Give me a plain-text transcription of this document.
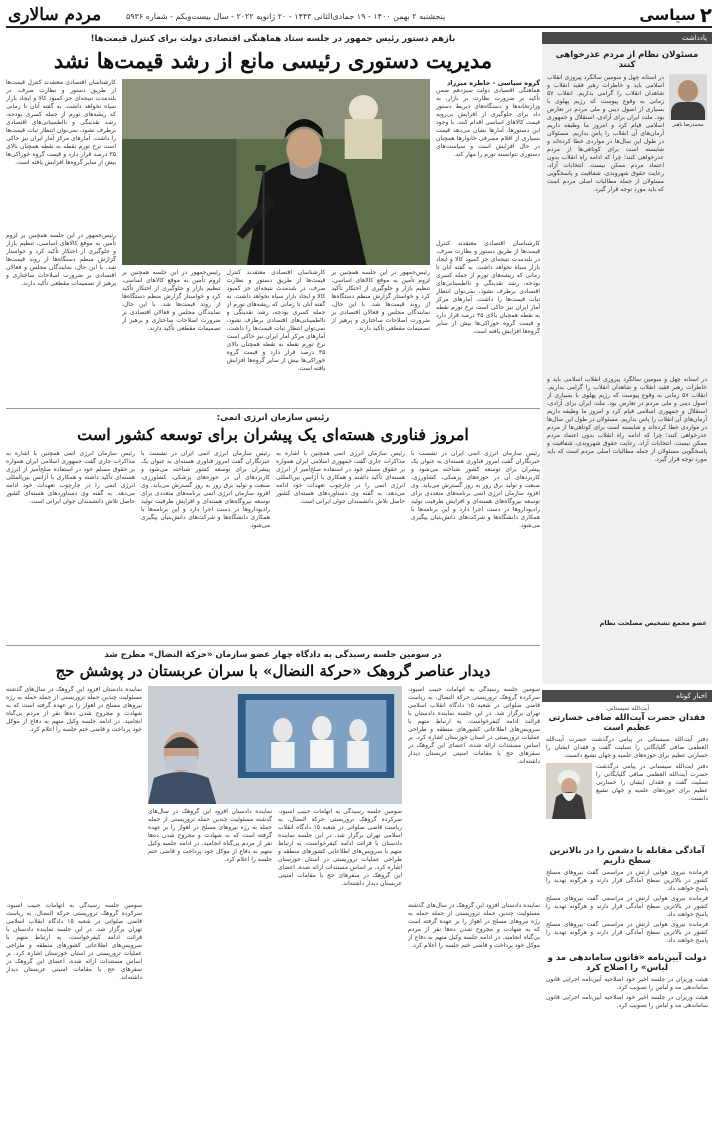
۲
سیاسی
پنجشنبه ۲ بهمن ۱۴۰۰ - ۱۹ جمادی‌الثانی ۱۴۴۳ - ۲۰ ژانویه ۲۰۲۲ - سال بیست‌ویکم - شماره ۵۹۳۶
مردم سالاری
یادداشت
مسئولان نظام از مردم عذرخواهی کنند
محمدرضا باهنر
در آستانه چهل و سومین سالگرد پیروزی انقلاب اسلامی باید و خاطرات رهبر فقید انقلاب و شاهدان انقلاب را گرامی بداریم. انقلاب ۵۷ زمانی به وقوع پیوست که رژیم پهلوی با بسیاری از اصول دینی و ملی مردم در تعارض بود. ملت ایران برای آزادی، استقلال و جمهوری اسلامی قیام کرد و امروز ما وظیفه داریم آرمان‌های آن انقلاب را پاس بداریم. مسئولان در طول این سال‌ها در مواردی خطا کرده‌اند و شایسته است برای کوتاهی‌ها از مردم عذرخواهی کنند؛ چرا که ادامه راه انقلاب بدون اعتماد مردم ممکن نیست. انتخابات آزاد، رعایت حقوق شهروندی، شفافیت و پاسخگویی مسئولان از جمله مطالبات اصلی مردم است که باید مورد توجه قرار گیرد.
در آستانه چهل و سومین سالگرد پیروزی انقلاب اسلامی باید و خاطرات رهبر فقید انقلاب و شاهدان انقلاب را گرامی بداریم. انقلاب ۵۷ زمانی به وقوع پیوست که رژیم پهلوی با بسیاری از اصول دینی و ملی مردم در تعارض بود. ملت ایران برای آزادی، استقلال و جمهوری اسلامی قیام کرد و امروز ما وظیفه داریم آرمان‌های آن انقلاب را پاس بداریم. مسئولان در طول این سال‌ها در مواردی خطا کرده‌اند و شایسته است برای کوتاهی‌ها از مردم عذرخواهی کنند؛ چرا که ادامه راه انقلاب بدون اعتماد مردم ممکن نیست. انتخابات آزاد، رعایت حقوق شهروندی، شفافیت و پاسخگویی مسئولان از جمله مطالبات اصلی مردم است که باید مورد توجه قرار گیرد.
عضو مجمع تشخیص مصلحت نظام
اخبار کوتاه
آیت‌الله سیستانی:
فقدان حضرت آیت‌الله صافی خسارتی عظیم است
دفتر آیت‌الله سیستانی در پیامی درگذشت حضرت آیت‌الله العظمی صافی گلپایگانی را تسلیت گفت و فقدان ایشان را خسارتی عظیم برای حوزه‌های علمیه و جهان تشیع دانست.
دفتر آیت‌الله سیستانی در پیامی درگذشت حضرت آیت‌الله العظمی صافی گلپایگانی را تسلیت گفت و فقدان ایشان را خسارتی عظیم برای حوزه‌های علمیه و جهان تشیع دانست.
آمادگی مقابله با دشمن را در بالاترین سطح داریم
فرمانده نیروی هوایی ارتش در مراسمی گفت نیروهای مسلح کشور در بالاترین سطح آمادگی قرار دارند و هرگونه تهدید را پاسخ خواهند داد.
فرمانده نیروی هوایی ارتش در مراسمی گفت نیروهای مسلح کشور در بالاترین سطح آمادگی قرار دارند و هرگونه تهدید را پاسخ خواهند داد.
فرمانده نیروی هوایی ارتش در مراسمی گفت نیروهای مسلح کشور در بالاترین سطح آمادگی قرار دارند و هرگونه تهدید را پاسخ خواهند داد.
دولت آیین‌نامه «قانون ساماندهی مد و لباس» را اصلاح کرد
هیئت وزیران در جلسه اخیر خود اصلاحیه آیین‌نامه اجرایی قانون ساماندهی مد و لباس را تصویب کرد.
هیئت وزیران در جلسه اخیر خود اصلاحیه آیین‌نامه اجرایی قانون ساماندهی مد و لباس را تصویب کرد.
بازهم دستور رئیس جمهور در جلسه ستاد هماهنگی اقتصادی دولت برای کنترل قیمت‌ها!
مدیریت دستوری رئیسی مانع از رشد قیمت‌ها نشد
گروه سیاسی - خاطره میرزاد
هماهنگی اقتصادی دولت سیزدهم ضمن تأکید بر ضرورت نظارت بر بازار، به وزارتخانه‌ها و دستگاه‌های ذیربط دستور داد برای جلوگیری از افزایش بی‌رویه قیمت کالاهای اساسی اقدام کنند. با وجود این دستورها، آمارها نشان می‌دهد قیمت بسیاری از اقلام مصرفی خانوارها همچنان در حال افزایش است و سیاست‌های دستوری نتوانسته تورم را مهار کند.
کارشناسان اقتصادی معتقدند کنترل قیمت‌ها از طریق دستور و نظارت صرف، در بلندمدت نتیجه‌ای جز کمبود کالا و ایجاد بازار سیاه نخواهد داشت. به گفته آنان تا زمانی که ریشه‌های تورم از جمله کسری بودجه، رشد نقدینگی و نااطمینانی‌های اقتصادی برطرف نشود، نمی‌توان انتظار ثبات قیمت‌ها را داشت. آمارهای مرکز آمار ایران نیز حاکی است نرخ تورم نقطه به نقطه همچنان بالای ۳۵ درصد قرار دارد و قیمت گروه خوراکی‌ها بیش از سایر گروه‌ها افزایش یافته است.
رئیس‌جمهور در این جلسه همچنین بر لزوم تأمین به موقع کالاهای اساسی، تنظیم بازار و جلوگیری از احتکار تأکید کرد و خواستار گزارش منظم دستگاه‌ها از روند قیمت‌ها شد. با این حال، نمایندگان مجلس و فعالان اقتصادی بر ضرورت اصلاحات ساختاری و پرهیز از تصمیمات مقطعی تأکید دارند.
کارشناسان اقتصادی معتقدند کنترل قیمت‌ها از طریق دستور و نظارت صرف، در بلندمدت نتیجه‌ای جز کمبود کالا و ایجاد بازار سیاه نخواهد داشت. به گفته آنان تا زمانی که ریشه‌های تورم از جمله کسری بودجه، رشد نقدینگی و نااطمینانی‌های اقتصادی برطرف نشود، نمی‌توان انتظار ثبات قیمت‌ها را داشت. آمارهای مرکز آمار ایران نیز حاکی است نرخ تورم نقطه به نقطه همچنان بالای ۳۵ درصد قرار دارد و قیمت گروه خوراکی‌ها بیش از سایر گروه‌ها افزایش یافته است.
رئیس‌جمهور در این جلسه همچنین بر لزوم تأمین به موقع کالاهای اساسی، تنظیم بازار و جلوگیری از احتکار تأکید کرد و خواستار گزارش منظم دستگاه‌ها از روند قیمت‌ها شد. با این حال، نمایندگان مجلس و فعالان اقتصادی بر ضرورت اصلاحات ساختاری و پرهیز از تصمیمات مقطعی تأکید دارند.
کارشناسان اقتصادی معتقدند کنترل قیمت‌ها از طریق دستور و نظارت صرف، در بلندمدت نتیجه‌ای جز کمبود کالا و ایجاد بازار سیاه نخواهد داشت. به گفته آنان تا زمانی که ریشه‌های تورم از جمله کسری بودجه، رشد نقدینگی و نااطمینانی‌های اقتصادی برطرف نشود، نمی‌توان انتظار ثبات قیمت‌ها را داشت. آمارهای مرکز آمار ایران نیز حاکی است نرخ تورم نقطه به نقطه همچنان بالای ۳۵ درصد قرار دارد و قیمت گروه خوراکی‌ها بیش از سایر گروه‌ها افزایش یافته است.
رئیس‌جمهور در این جلسه همچنین بر لزوم تأمین به موقع کالاهای اساسی، تنظیم بازار و جلوگیری از احتکار تأکید کرد و خواستار گزارش منظم دستگاه‌ها از روند قیمت‌ها شد. با این حال، نمایندگان مجلس و فعالان اقتصادی بر ضرورت اصلاحات ساختاری و پرهیز از تصمیمات مقطعی تأکید دارند.
رئیس سازمان انرژی اتمی:
امروز فناوری هسته‌ای یک پیشران برای توسعه کشور است
رئیس سازمان انرژی اتمی ایران در نشست با خبرنگاران گفت امروز فناوری هسته‌ای به عنوان یک پیشران برای توسعه کشور شناخته می‌شود و کاربردهای آن در حوزه‌های پزشکی، کشاورزی، صنعت و تولید برق روز به روز گسترش می‌یابد. وی افزود سازمان انرژی اتمی برنامه‌های متعددی برای توسعه نیروگاه‌های هسته‌ای و افزایش ظرفیت تولید رادیوداروها در دست اجرا دارد و این برنامه‌ها با همکاری دانشگاه‌ها و شرکت‌های دانش‌بنیان پیگیری می‌شود.
رئیس سازمان انرژی اتمی همچنین با اشاره به مذاکرات جاری گفت جمهوری اسلامی ایران همواره بر حقوق مسلم خود در استفاده صلح‌آمیز از انرژی هسته‌ای تأکید داشته و همکاری با آژانس بین‌المللی انرژی اتمی را در چارچوب تعهدات خود ادامه می‌دهد. به گفته وی دستاوردهای هسته‌ای کشور حاصل تلاش دانشمندان جوان ایرانی است.
رئیس سازمان انرژی اتمی ایران در نشست با خبرنگاران گفت امروز فناوری هسته‌ای به عنوان یک پیشران برای توسعه کشور شناخته می‌شود و کاربردهای آن در حوزه‌های پزشکی، کشاورزی، صنعت و تولید برق روز به روز گسترش می‌یابد. وی افزود سازمان انرژی اتمی برنامه‌های متعددی برای توسعه نیروگاه‌های هسته‌ای و افزایش ظرفیت تولید رادیوداروها در دست اجرا دارد و این برنامه‌ها با همکاری دانشگاه‌ها و شرکت‌های دانش‌بنیان پیگیری می‌شود.
رئیس سازمان انرژی اتمی همچنین با اشاره به مذاکرات جاری گفت جمهوری اسلامی ایران همواره بر حقوق مسلم خود در استفاده صلح‌آمیز از انرژی هسته‌ای تأکید داشته و همکاری با آژانس بین‌المللی انرژی اتمی را در چارچوب تعهدات خود ادامه می‌دهد. به گفته وی دستاوردهای هسته‌ای کشور حاصل تلاش دانشمندان جوان ایرانی است.
در سومین جلسه رسیدگی به دادگاه چهار عضو سازمان «حرکة النضال» مطرح شد
دیدار عناصر گروهک «حرکة النضال» با سران عربستان در پوشش حج
سومین جلسه رسیدگی به اتهامات حبیب اسیود، سرکرده گروهک تروریستی حرکة النضال، به ریاست قاضی صلواتی در شعبه ۱۵ دادگاه انقلاب اسلامی تهران برگزار شد. در این جلسه نماینده دادستان با قرائت ادامه کیفرخواست، به ارتباط متهم با سرویس‌های اطلاعاتی کشورهای منطقه و طراحی عملیات تروریستی در استان خوزستان اشاره کرد. بر اساس مستندات ارائه شده، اعضای این گروهک در سفرهای حج با مقامات امنیتی عربستان دیدار داشته‌اند.
نماینده دادستان افزود این گروهک در سال‌های گذشته مسئولیت چندین حمله تروریستی از جمله حمله به رژه نیروهای مسلح در اهواز را بر عهده گرفته است که به شهادت و مجروح شدن ده‌ها نفر از مردم بی‌گناه انجامید. در ادامه جلسه وکیل متهم به دفاع از موکل خود پرداخت و قاضی ختم جلسه را اعلام کرد.
سومین جلسه رسیدگی به اتهامات حبیب اسیود، سرکرده گروهک تروریستی حرکة النضال، به ریاست قاضی صلواتی در شعبه ۱۵ دادگاه انقلاب اسلامی تهران برگزار شد. در این جلسه نماینده دادستان با قرائت ادامه کیفرخواست، به ارتباط متهم با سرویس‌های اطلاعاتی کشورهای منطقه و طراحی عملیات تروریستی در استان خوزستان اشاره کرد. بر اساس مستندات ارائه شده، اعضای این گروهک در سفرهای حج با مقامات امنیتی عربستان دیدار داشته‌اند.
نماینده دادستان افزود این گروهک در سال‌های گذشته مسئولیت چندین حمله تروریستی از جمله حمله به رژه نیروهای مسلح در اهواز را بر عهده گرفته است که به شهادت و مجروح شدن ده‌ها نفر از مردم بی‌گناه انجامید. در ادامه جلسه وکیل متهم به دفاع از موکل خود پرداخت و قاضی ختم جلسه را اعلام کرد.
نماینده دادستان افزود این گروهک در سال‌های گذشته مسئولیت چندین حمله تروریستی از جمله حمله به رژه نیروهای مسلح در اهواز را بر عهده گرفته است که به شهادت و مجروح شدن ده‌ها نفر از مردم بی‌گناه انجامید. در ادامه جلسه وکیل متهم به دفاع از موکل خود پرداخت و قاضی ختم جلسه را اعلام کرد.
سومین جلسه رسیدگی به اتهامات حبیب اسیود، سرکرده گروهک تروریستی حرکة النضال، به ریاست قاضی صلواتی در شعبه ۱۵ دادگاه انقلاب اسلامی تهران برگزار شد. در این جلسه نماینده دادستان با قرائت ادامه کیفرخواست، به ارتباط متهم با سرویس‌های اطلاعاتی کشورهای منطقه و طراحی عملیات تروریستی در استان خوزستان اشاره کرد. بر اساس مستندات ارائه شده، اعضای این گروهک در سفرهای حج با مقامات امنیتی عربستان دیدار داشته‌اند.
